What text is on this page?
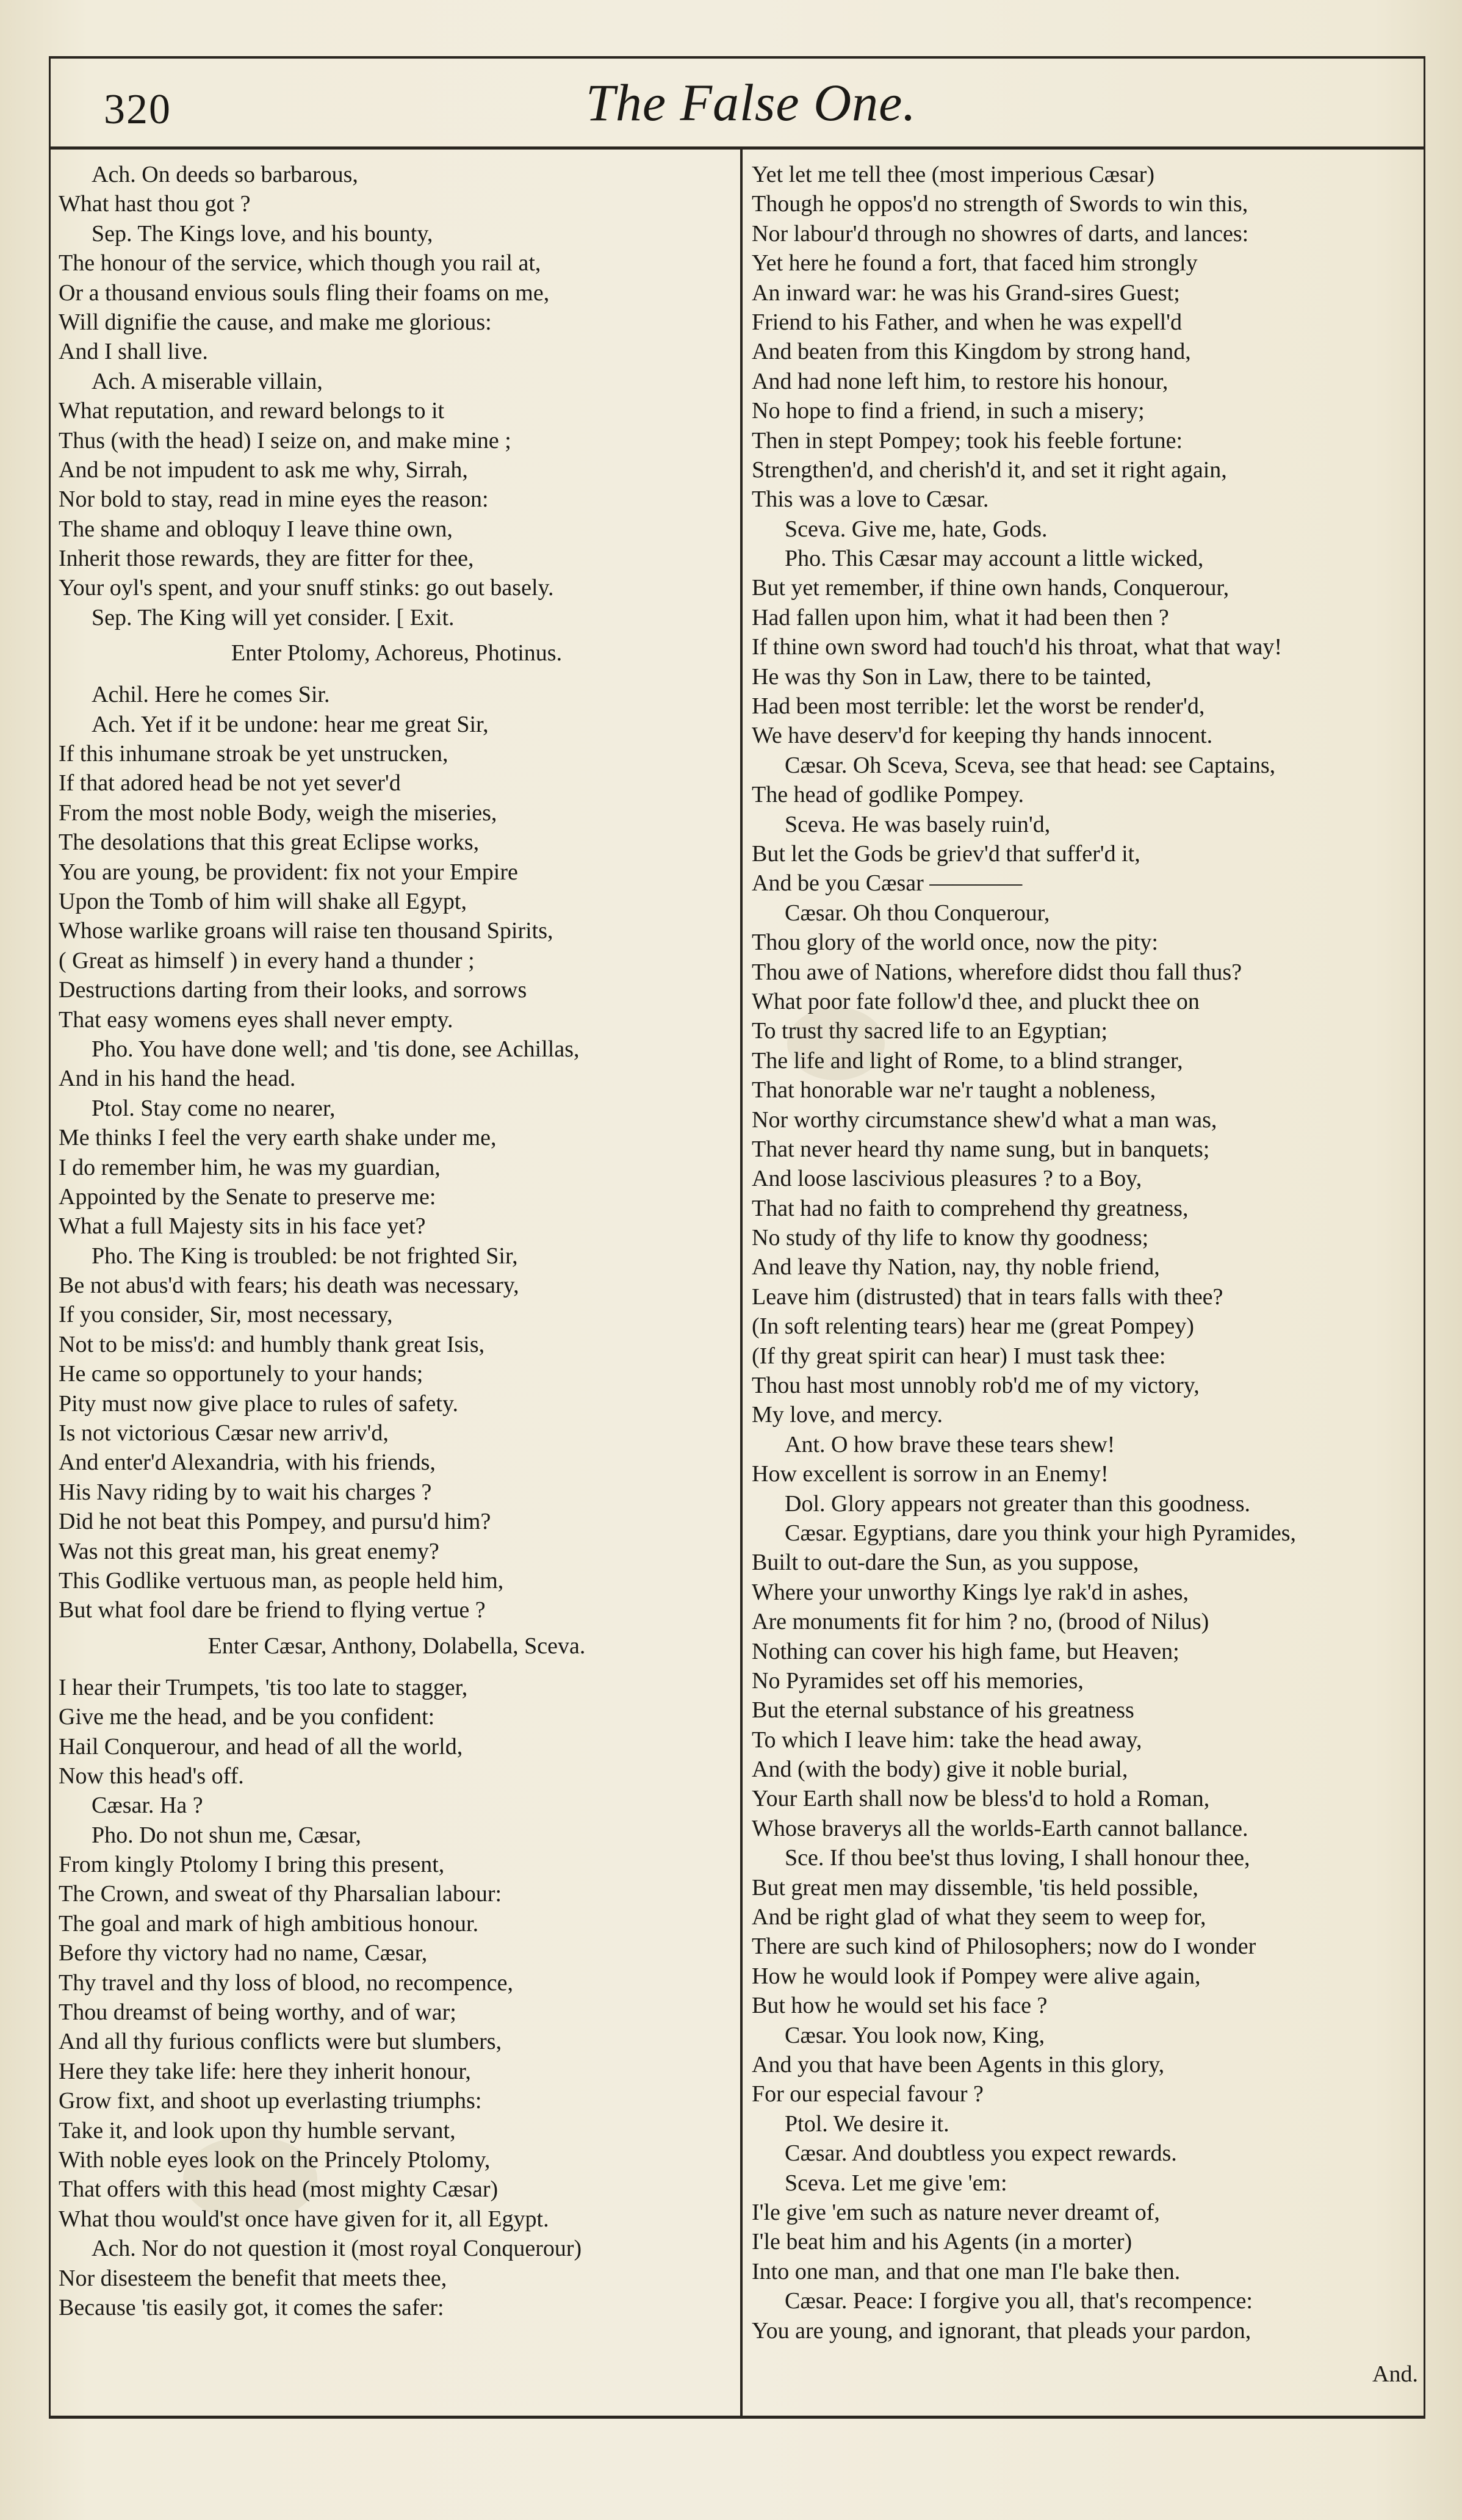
320	The False One.
Ach. On deeds so barbarous,
What hast thou got ?
Sep. The Kings love, and his bounty,
The honour of the service, which though you rail at,
Or a thousand envious souls fling their foams on me,
Will dignifie the cause, and make me glorious:
And I shall live.
Ach. A miserable villain,
What reputation, and reward belongs to it
Thus (with the head) I seize on, and make mine ;
And be not impudent to ask me why, Sirrah,
Nor bold to stay, read in mine eyes the reason:
The shame and obloquy I leave thine own,
Inherit those rewards, they are fitter for thee,
Your oyl's spent, and your snuff stinks: go out basely.
Sep. The King will yet consider. [ Exit.
Enter Ptolomy, Achoreus, Photinus.
Achil. Here he comes Sir.
Ach. Yet if it be undone: hear me great Sir,
If this inhumane stroak be yet unstrucken,
If that adored head be not yet sever'd
From the most noble Body, weigh the miseries,
The desolations that this great Eclipse works,
You are young, be provident: fix not your Empire
Upon the Tomb of him will shake all Egypt,
Whose warlike groans will raise ten thousand Spirits,
( Great as himself ) in every hand a thunder ;
Destructions darting from their looks, and sorrows
That easy womens eyes shall never empty.
Pho. You have done well; and 'tis done, see Achillas,
And in his hand the head.
Ptol. Stay come no nearer,
Me thinks I feel the very earth shake under me,
I do remember him, he was my guardian,
Appointed by the Senate to preserve me:
What a full Majesty sits in his face yet?
Pho. The King is troubled: be not frighted Sir,
Be not abus'd with fears; his death was necessary,
If you consider, Sir, most necessary,
Not to be miss'd: and humbly thank great Isis,
He came so opportunely to your hands;
Pity must now give place to rules of safety.
Is not victorious Cæsar new arriv'd,
And enter'd Alexandria, with his friends,
His Navy riding by to wait his charges ?
Did he not beat this Pompey, and pursu'd him?
Was not this great man, his great enemy?
This Godlike vertuous man, as people held him,
But what fool dare be friend to flying vertue ?
Enter Cæsar, Anthony, Dolabella, Sceva.
I hear their Trumpets, 'tis too late to stagger,
Give me the head, and be you confident:
Hail Conquerour, and head of all the world,
Now this head's off.
Cæsar. Ha ?
Pho. Do not shun me, Cæsar,
From kingly Ptolomy I bring this present,
The Crown, and sweat of thy Pharsalian labour:
The goal and mark of high ambitious honour.
Before thy victory had no name, Cæsar,
Thy travel and thy loss of blood, no recompence,
Thou dreamst of being worthy, and of war;
And all thy furious conflicts were but slumbers,
Here they take life: here they inherit honour,
Grow fixt, and shoot up everlasting triumphs:
Take it, and look upon thy humble servant,
With noble eyes look on the Princely Ptolomy,
That offers with this head (most mighty Cæsar)
What thou would'st once have given for it, all Egypt.
Ach. Nor do not question it (most royal Conquerour)
Nor disesteem the benefit that meets thee,
Because 'tis easily got, it comes the safer:
Yet let me tell thee (most imperious Cæsar)
Though he oppos'd no strength of Swords to win this,
Nor labour'd through no showres of darts, and lances:
Yet here he found a fort, that faced him strongly
An inward war: he was his Grand-sires Guest;
Friend to his Father, and when he was expell'd
And beaten from this Kingdom by strong hand,
And had none left him, to restore his honour,
No hope to find a friend, in such a misery;
Then in stept Pompey; took his feeble fortune:
Strengthen'd, and cherish'd it, and set it right again,
This was a love to Cæsar.
Sceva. Give me, hate, Gods.
Pho. This Cæsar may account a little wicked,
But yet remember, if thine own hands, Conquerour,
Had fallen upon him, what it had been then ?
If thine own sword had touch'd his throat, what that way!
He was thy Son in Law, there to be tainted,
Had been most terrible: let the worst be render'd,
We have deserv'd for keeping thy hands innocent.
Cæsar. Oh Sceva, Sceva, see that head: see Captains,
The head of godlike Pompey.
Sceva. He was basely ruin'd,
But let the Gods be griev'd that suffer'd it,
And be you Cæsar ————
Cæsar. Oh thou Conquerour,
Thou glory of the world once, now the pity:
Thou awe of Nations, wherefore didst thou fall thus?
What poor fate follow'd thee, and pluckt thee on
To trust thy sacred life to an Egyptian;
The life and light of Rome, to a blind stranger,
That honorable war ne'r taught a nobleness,
Nor worthy circumstance shew'd what a man was,
That never heard thy name sung, but in banquets;
And loose lascivious pleasures ? to a Boy,
That had no faith to comprehend thy greatness,
No study of thy life to know thy goodness;
And leave thy Nation, nay, thy noble friend,
Leave him (distrusted) that in tears falls with thee?
(In soft relenting tears) hear me (great Pompey)
(If thy great spirit can hear) I must task thee:
Thou hast most unnobly rob'd me of my victory,
My love, and mercy.
Ant. O how brave these tears shew!
How excellent is sorrow in an Enemy!
Dol. Glory appears not greater than this goodness.
Cæsar. Egyptians, dare you think your high Pyramides,
Built to out-dare the Sun, as you suppose,
Where your unworthy Kings lye rak'd in ashes,
Are monuments fit for him ? no, (brood of Nilus)
Nothing can cover his high fame, but Heaven;
No Pyramides set off his memories,
But the eternal substance of his greatness
To which I leave him: take the head away,
And (with the body) give it noble burial,
Your Earth shall now be bless'd to hold a Roman,
Whose braverys all the worlds-Earth cannot ballance.
Sce. If thou bee'st thus loving, I shall honour thee,
But great men may dissemble, 'tis held possible,
And be right glad of what they seem to weep for,
There are such kind of Philosophers; now do I wonder
How he would look if Pompey were alive again,
But how he would set his face ?
Cæsar. You look now, King,
And you that have been Agents in this glory,
For our especial favour ?
Ptol. We desire it.
Cæsar. And doubtless you expect rewards.
Sceva. Let me give 'em:
I'le give 'em such as nature never dreamt of,
I'le beat him and his Agents (in a morter)
Into one man, and that one man I'le bake then.
Cæsar. Peace: I forgive you all, that's recompence:
You are young, and ignorant, that pleads your pardon,
And.
